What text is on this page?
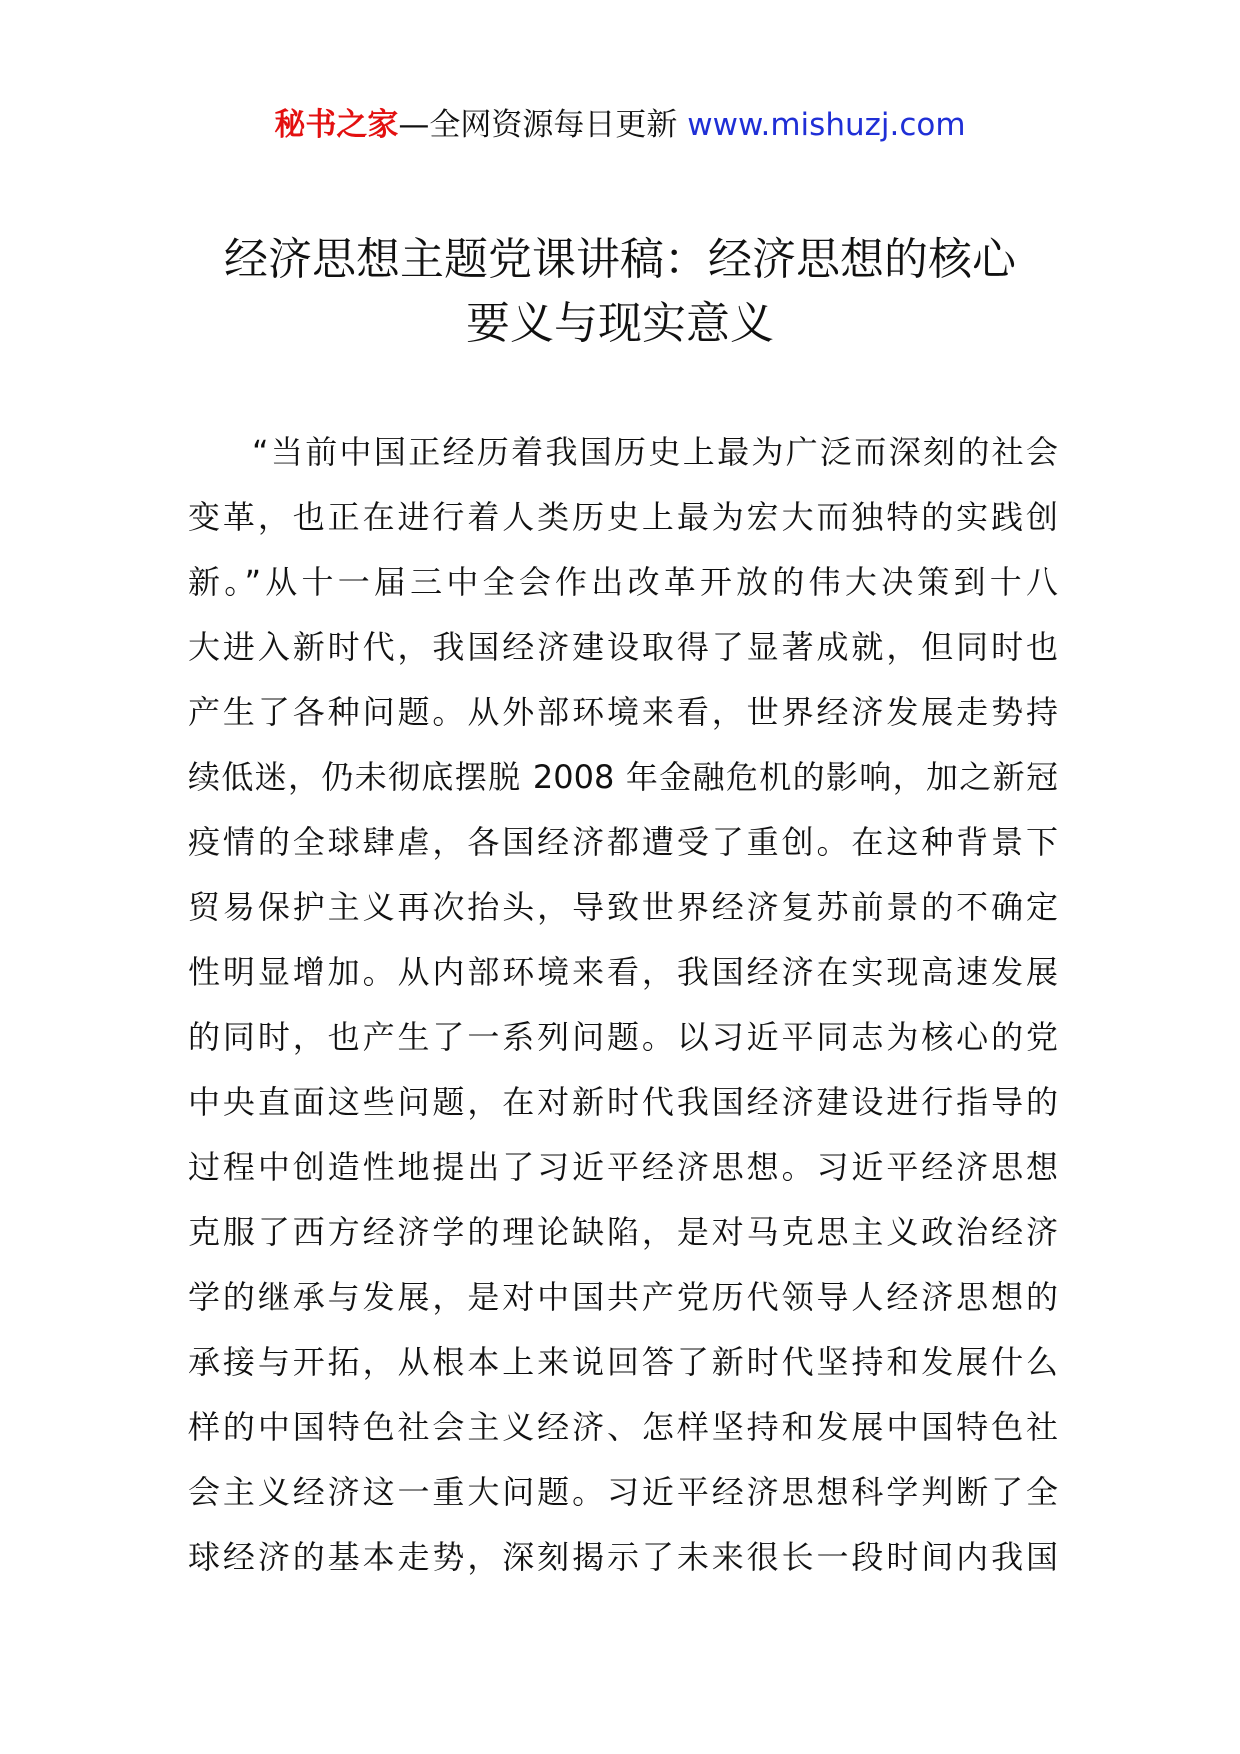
秘书之家—全网资源每日更新 www.mishuzj.com
经济思想主题党课讲稿：经济思想的核心
要义与现实意义
“当前中国正经历着我国历史上最为广泛而深刻的社会
变革，也正在进行着人类历史上最为宏大而独特的实践创
新。”从十一届三中全会作出改革开放的伟大决策到十八
大进入新时代，我国经济建设取得了显著成就，但同时也
产生了各种问题。从外部环境来看，世界经济发展走势持
续低迷，仍未彻底摆脱 2008 年金融危机的影响，加之新冠
疫情的全球肆虐，各国经济都遭受了重创。在这种背景下
贸易保护主义再次抬头，导致世界经济复苏前景的不确定
性明显增加。从内部环境来看，我国经济在实现高速发展
的同时，也产生了一系列问题。以习近平同志为核心的党
中央直面这些问题，在对新时代我国经济建设进行指导的
过程中创造性地提出了习近平经济思想。习近平经济思想
克服了西方经济学的理论缺陷，是对马克思主义政治经济
学的继承与发展，是对中国共产党历代领导人经济思想的
承接与开拓，从根本上来说回答了新时代坚持和发展什么
样的中国特色社会主义经济、怎样坚持和发展中国特色社
会主义经济这一重大问题。习近平经济思想科学判断了全
球经济的基本走势，深刻揭示了未来很长一段时间内我国
